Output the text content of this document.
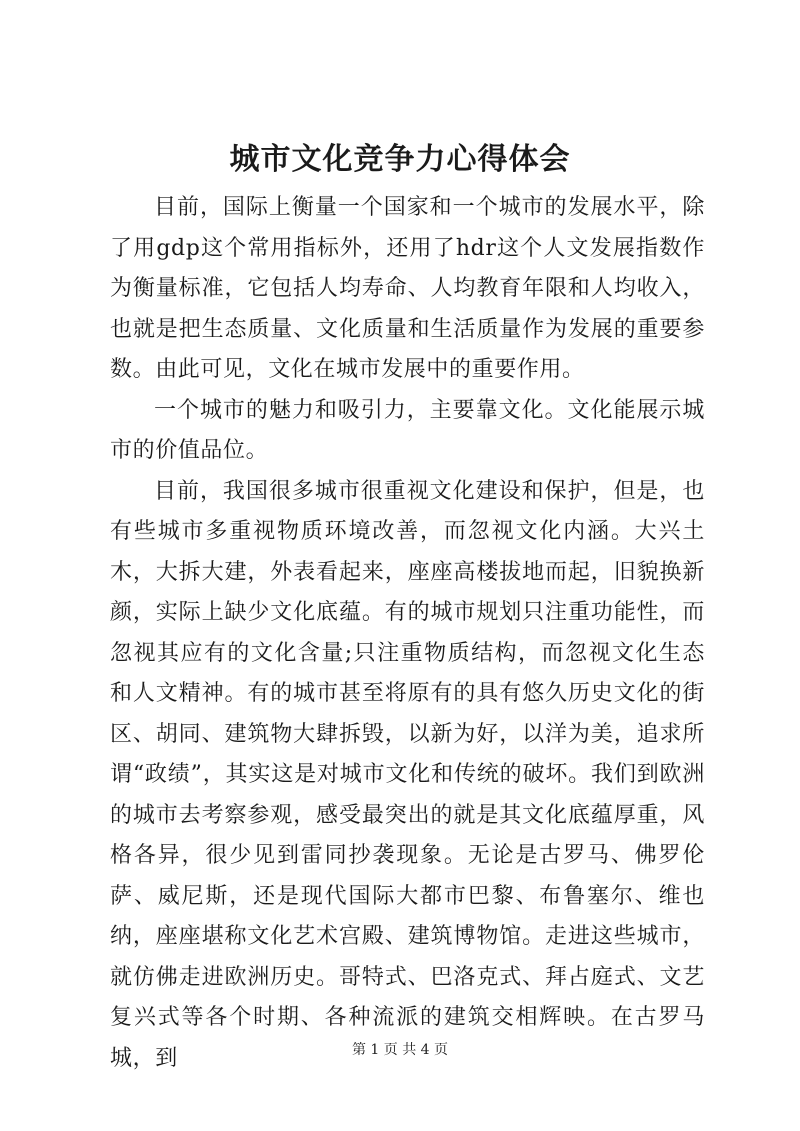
城市文化竞争力心得体会

目前，国际上衡量一个国家和一个城市的发展水平，除了用gdp这个常用指标外，还用了hdr这个人文发展指数作为衡量标准，它包括人均寿命、人均教育年限和人均收入，也就是把生态质量、文化质量和生活质量作为发展的重要参数。由此可见，文化在城市发展中的重要作用。

一个城市的魅力和吸引力，主要靠文化。文化能展示城市的价值品位。

目前，我国很多城市很重视文化建设和保护，但是，也有些城市多重视物质环境改善，而忽视文化内涵。大兴土木，大拆大建，外表看起来，座座高楼拔地而起，旧貌换新颜，实际上缺少文化底蕴。有的城市规划只注重功能性，而忽视其应有的文化含量;只注重物质结构，而忽视文化生态和人文精神。有的城市甚至将原有的具有悠久历史文化的街区、胡同、建筑物大肆拆毁，以新为好，以洋为美，追求所谓“政绩”，其实这是对城市文化和传统的破坏。我们到欧洲的城市去考察参观，感受最突出的就是其文化底蕴厚重，风格各异，很少见到雷同抄袭现象。无论是古罗马、佛罗伦萨、威尼斯，还是现代国际大都市巴黎、布鲁塞尔、维也纳，座座堪称文化艺术宫殿、建筑博物馆。走进这些城市，就仿佛走进欧洲历史。哥特式、巴洛克式、拜占庭式、文艺复兴式等各个时期、各种流派的建筑交相辉映。在古罗马城，到	第 1 页 共 4 页
